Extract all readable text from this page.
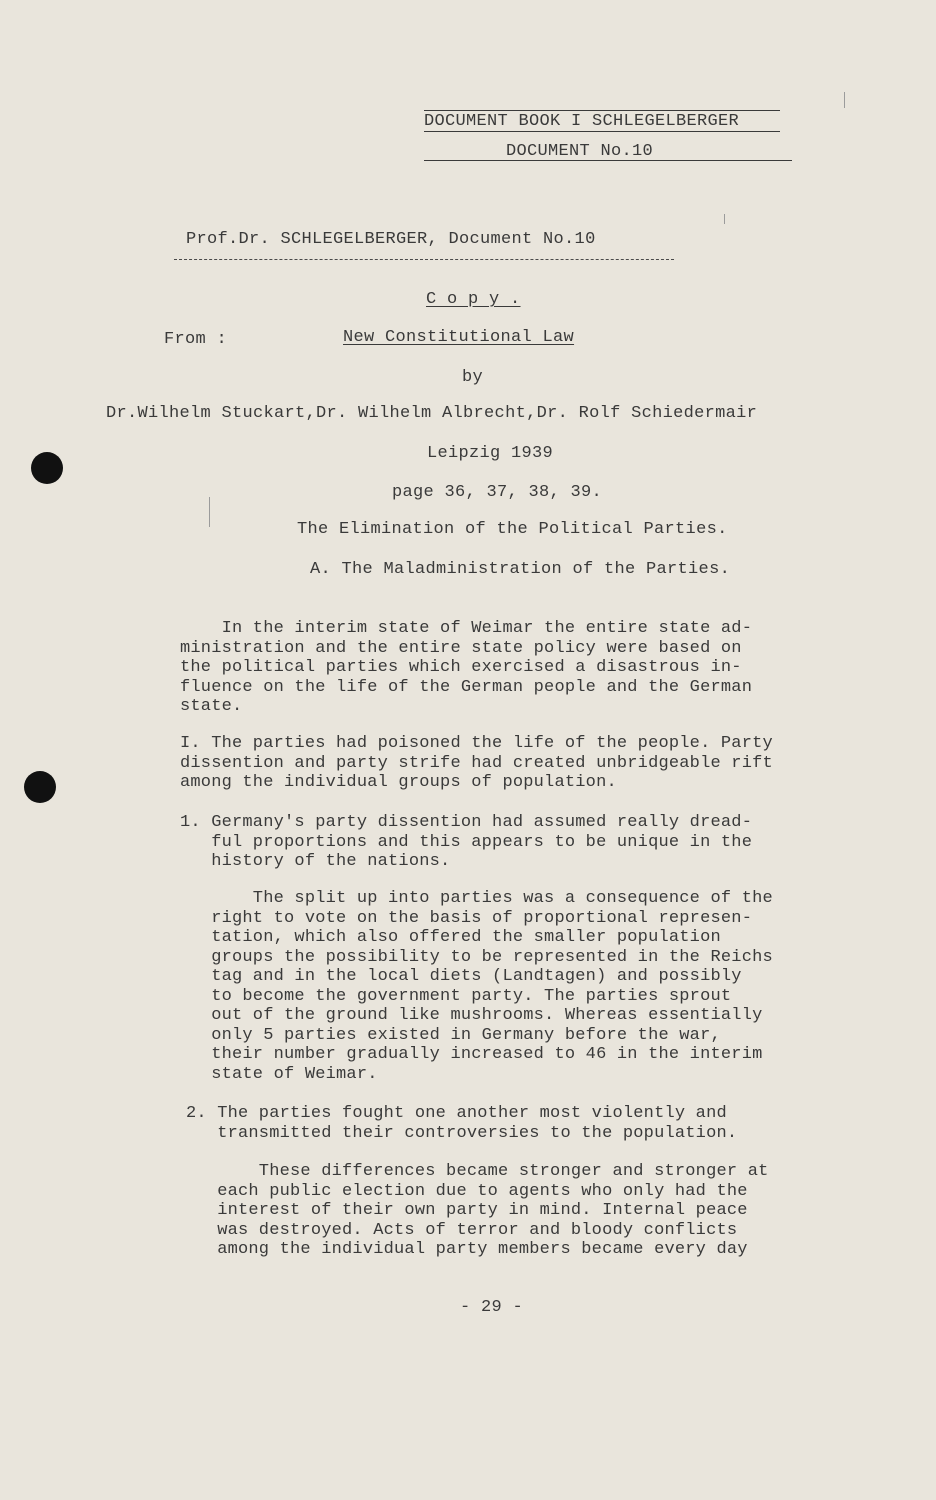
DOCUMENT BOOK I SCHLEGELBERGER
DOCUMENT No.10
Prof.Dr. SCHLEGELBERGER, Document No.10
C o p y .
From :	New Constitutional Law
by
Dr.Wilhelm Stuckart,Dr. Wilhelm Albrecht,Dr. Rolf Schiedermair
Leipzig 1939
page 36, 37, 38, 39.
The Elimination of the Political Parties.
A. The Maladministration of the Parties.
In the interim state of Weimar the entire state ad-
ministration and the entire state policy were based on
the political parties which exercised a disastrous in-
fluence on the life of the German people and the German
state.
I. The parties had poisoned the life of the people. Party
dissention and party strife had created unbridgeable rift
among the individual groups of population.
1. Germany's party dissention had assumed really dread-
ful proportions and this appears to be unique in the
history of the nations.
The split up into parties was a consequence of the
right to vote on the basis of proportional represen-
tation, which also offered the smaller population
groups the possibility to be represented in the Reichs
tag and in the local diets (Landtagen) and possibly
to become the government party. The parties sprout
out of the ground like mushrooms. Whereas essentially
only 5 parties existed in Germany before the war,
their number gradually increased to 46 in the interim
state of Weimar.
2. The parties fought one another most violently and
transmitted their controversies to the population.
These differences became stronger and stronger at
each public election due to agents who only had the
interest of their own party in mind. Internal peace
was destroyed. Acts of terror and bloody conflicts
among the individual party members became every day
- 29 -
